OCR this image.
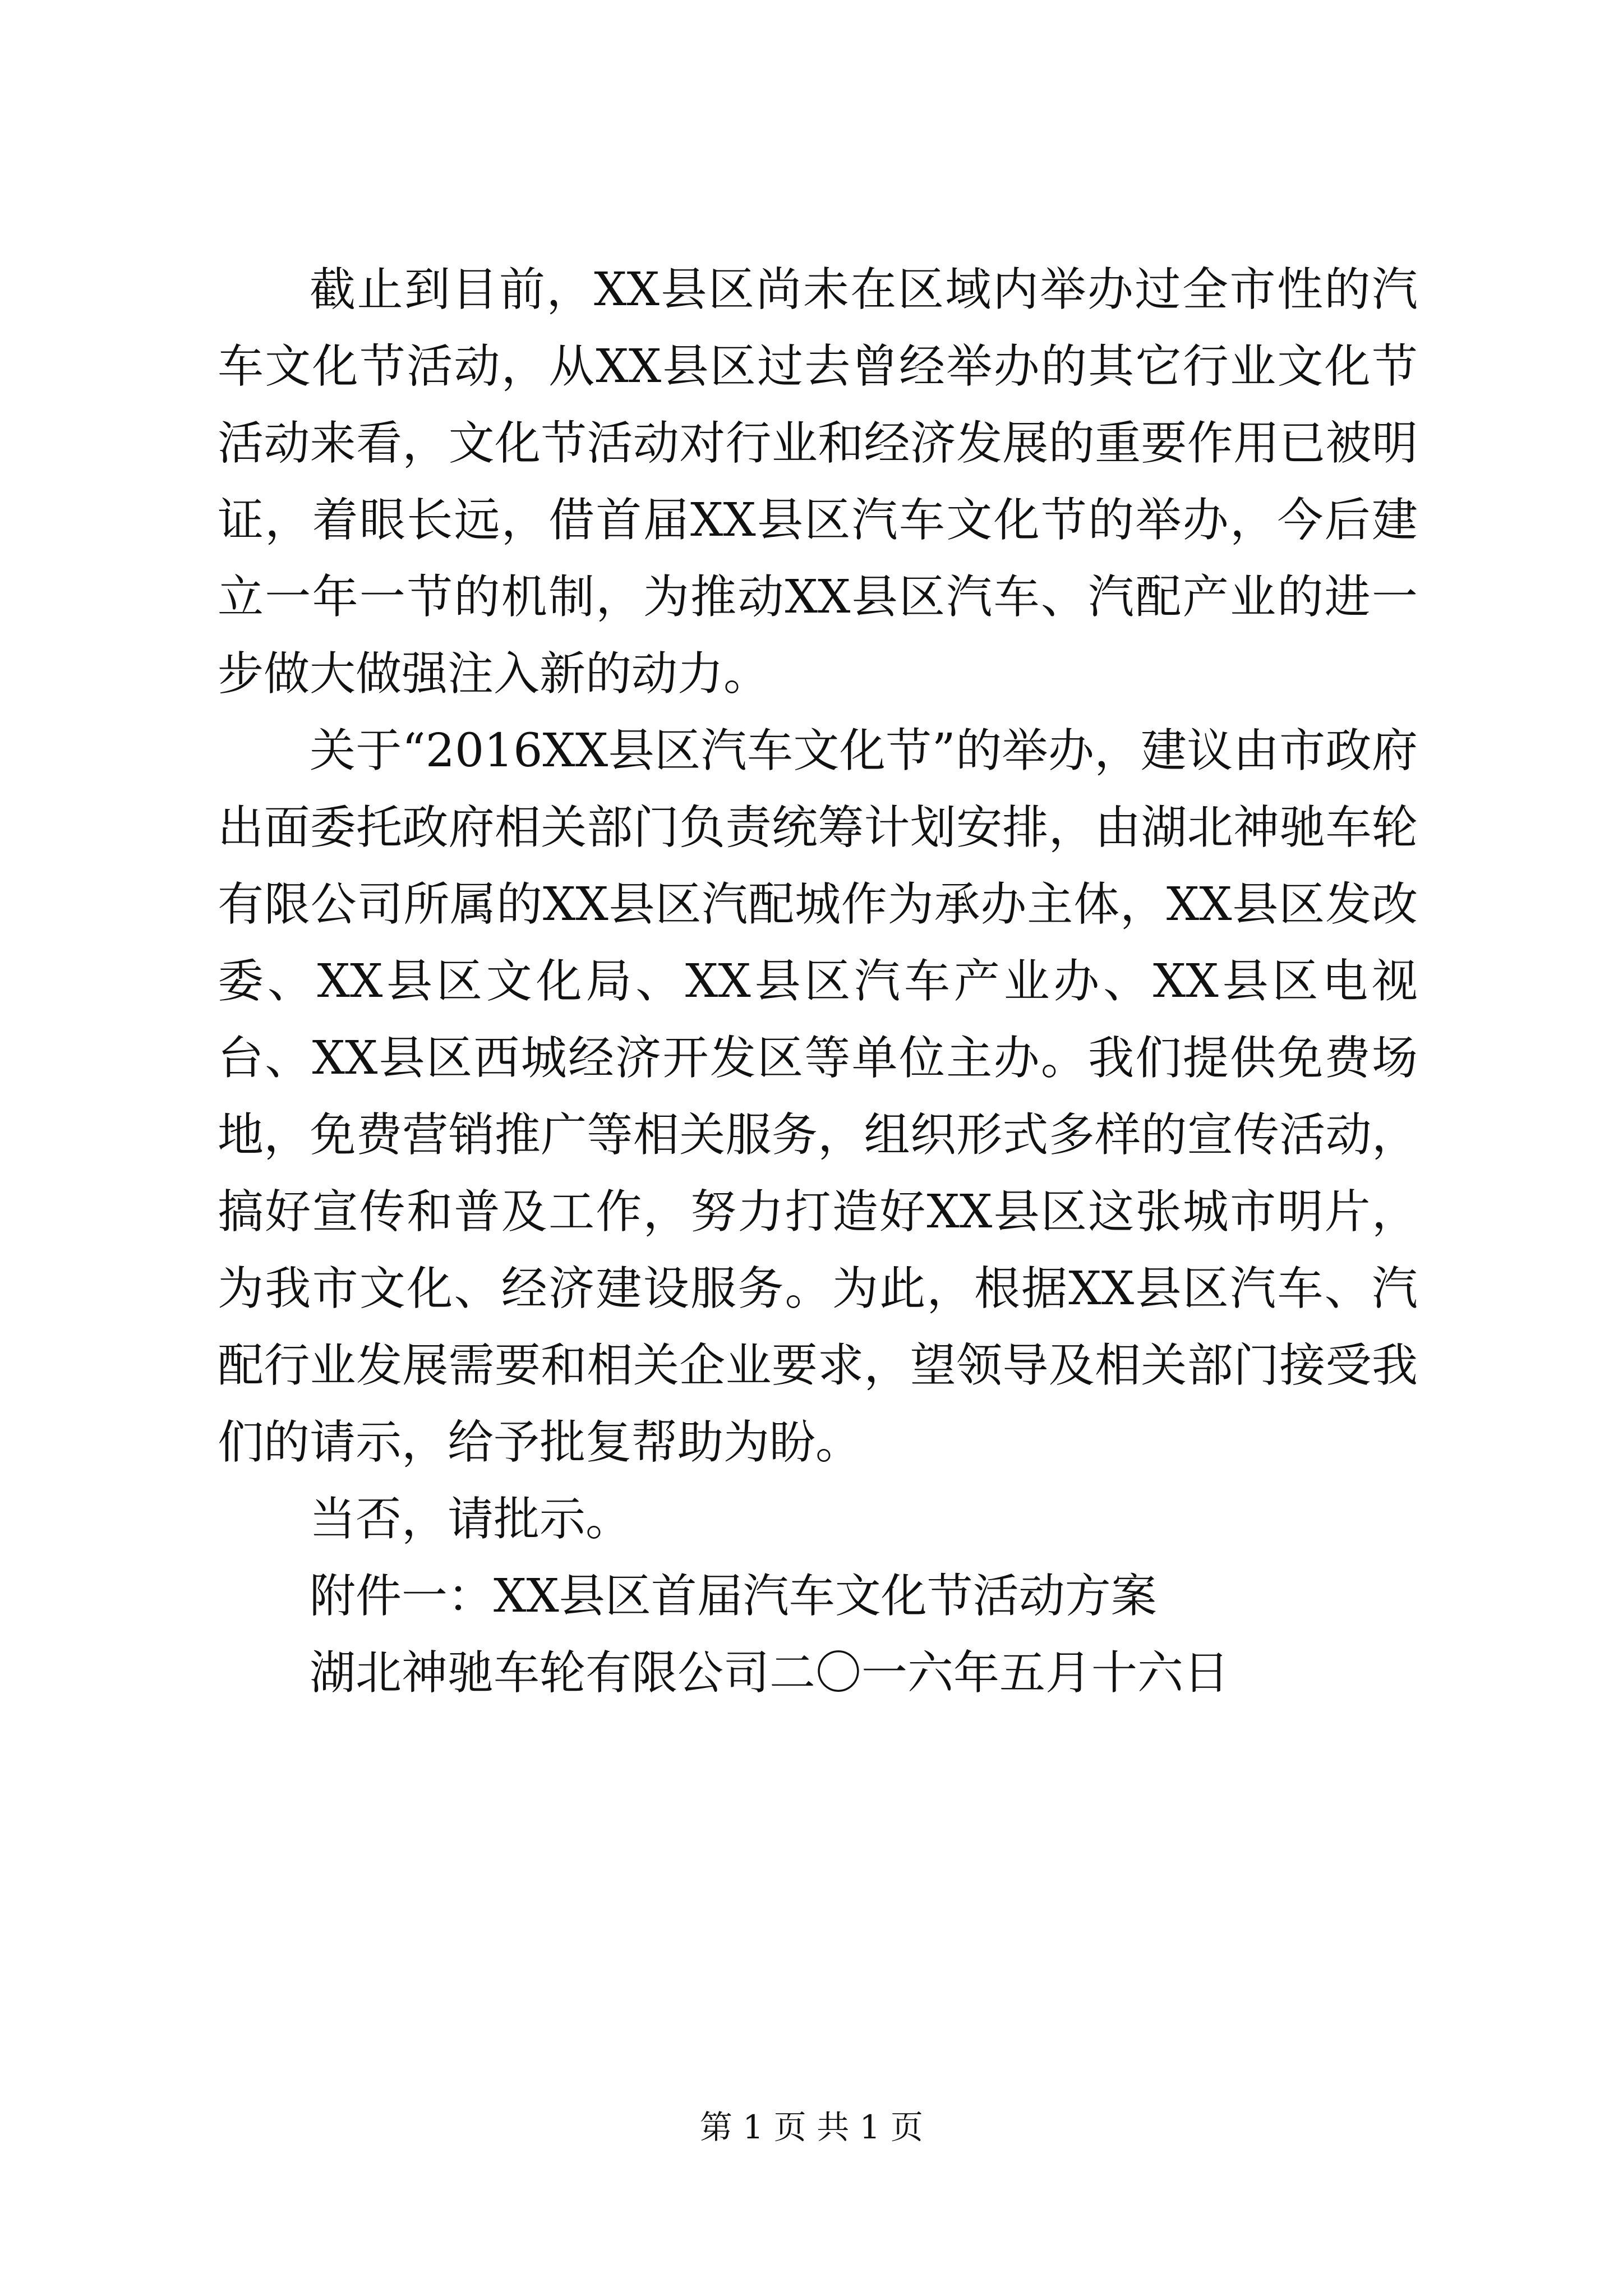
截止到目前，XX县区尚未在区域内举办过全市性的汽车文化节活动，从XX县区过去曾经举办的其它行业文化节活动来看，文化节活动对行业和经济发展的重要作用已被明证，着眼长远，借首届XX县区汽车文化节的举办，今后建立一年一节的机制，为推动XX县区汽车、汽配产业的进一步做大做强注入新的动力。

关于“2016XX县区汽车文化节”的举办，建议由市政府出面委托政府相关部门负责统筹计划安排，由湖北神驰车轮有限公司所属的XX县区汽配城作为承办主体，XX县区发改委、XX县区文化局、XX县区汽车产业办、XX县区电视台、XX县区西城经济开发区等单位主办。我们提供免费场地，免费营销推广等相关服务，组织形式多样的宣传活动，搞好宣传和普及工作，努力打造好XX县区这张城市明片，为我市文化、经济建设服务。为此，根据XX县区汽车、汽配行业发展需要和相关企业要求，望领导及相关部门接受我们的请示，给予批复帮助为盼。

当否，请批示。

附件一：XX县区首届汽车文化节活动方案

湖北神驰车轮有限公司二〇一六年五月十六日

第 1 页 共 1 页
